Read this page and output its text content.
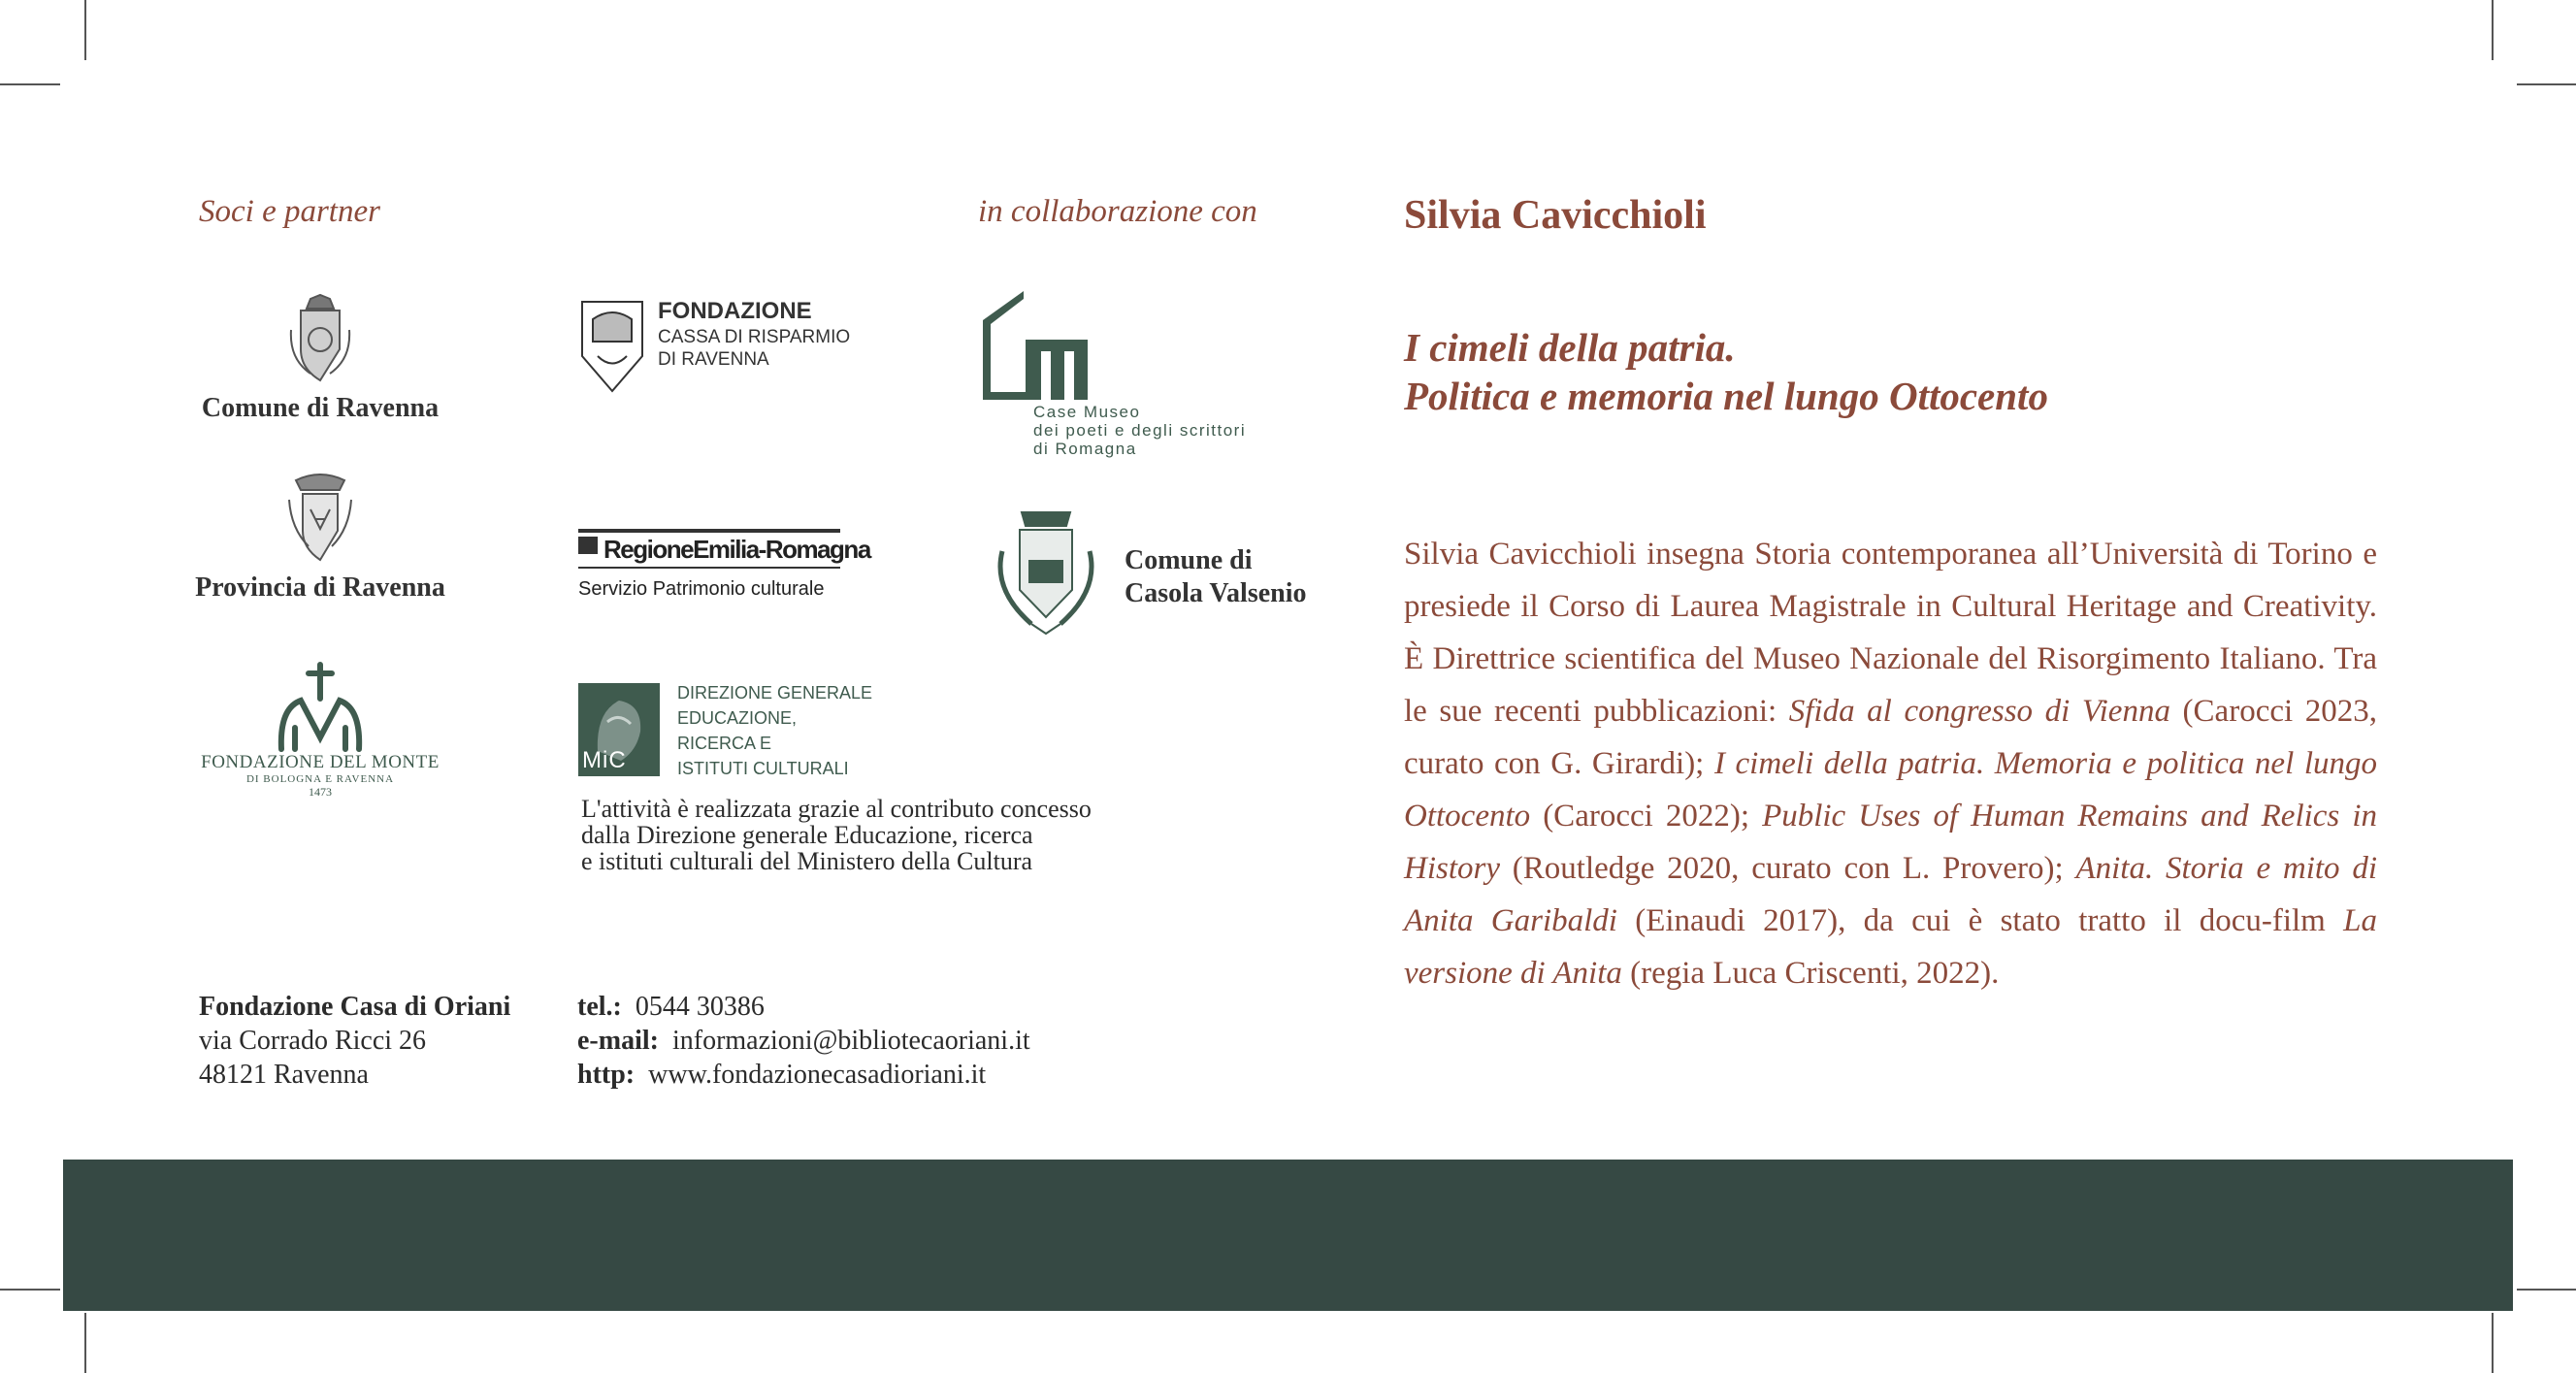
Soci e partner	in collaborazione con
Comune di Ravenna
Provincia di Ravenna
FONDAZIONE DEL MONTE
DI BOLOGNA E RAVENNA
1473
FONDAZIONE
CASSA DI RISPARMIO
DI RAVENNA
RegioneEmilia-Romagna
Servizio Patrimonio culturale
MiC
DIREZIONE GENERALE
EDUCAZIONE,
RICERCA E
ISTITUTI CULTURALI
L'attività è realizzata grazie al contributo concesso
dalla Direzione generale Educazione, ricerca
e istituti culturali del Ministero della Cultura
Case Museo
dei poeti e degli scrittori
di Romagna
Comune di
Casola Valsenio
Fondazione Casa di Oriani
via Corrado Ricci 26
48121 Ravenna
tel.: 0544 30386
e-mail: informazioni@bibliotecaoriani.it
http: www.fondazionecasadioriani.it
Silvia Cavicchioli
I cimeli della patria.
Politica e memoria nel lungo Ottocento

Silvia Cavicchioli insegna Storia contemporanea all’Università di Torino e presiede il Corso di Laurea Magistrale in Cultural Heritage and Creativity. È Direttrice scientifica del Museo Nazionale del Risorgimento Italiano. Tra le sue recenti pubblicazioni: Sfida al congresso di Vienna (Carocci 2023, curato con G. Girardi); I cimeli della patria. Memoria e politica nel lungo Ottocento (Carocci 2022); Public Uses of Human Remains and Relics in History (Routledge 2020, curato con L. Provero); Anita. Storia e mito di Anita Garibaldi (Einaudi 2017), da cui è stato tratto il docu-film La versione di Anita (regia Luca Criscenti, 2022).
